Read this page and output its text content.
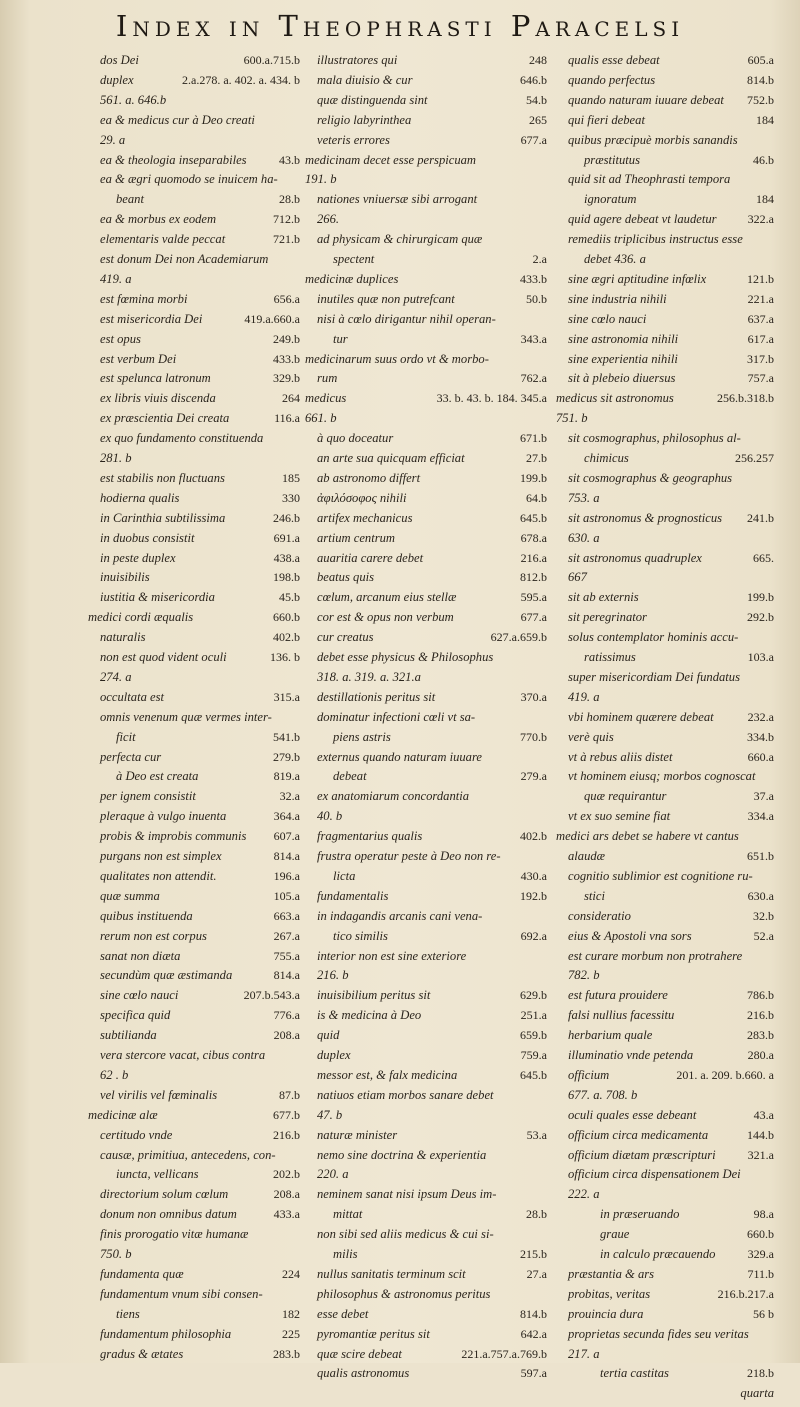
Index in Theophrasti Paracelsi
dos Dei	600.a.715.b
duplex	2.a.278. a. 402. a. 434. b
561. a. 646.b
ea & medicus cur à Deo creati
29. a
ea & theologia inseparabiles	43.b
ea & ægri quomodo se inuicem ha-
beant	28.b
ea & morbus ex eodem	712.b
elementaris valde peccat	721.b
est donum Dei non Academiarum
419. a
est fœmina morbi	656.a
est misericordia Dei	419.a.660.a
est opus	249.b
est verbum Dei	433.b
est spelunca latronum	329.b
ex libris viuis discenda	264
ex præscientia Dei creata	116.a
ex quo fundamento constituenda
281. b
est stabilis non fluctuans	185
hodierna qualis	330
in Carinthia subtilissima	246.b
in duobus consistit	691.a
in peste duplex	438.a
inuisibilis	198.b
iustitia & misericordia	45.b
medici cordi æqualis	660.b
naturalis	402.b
non est quod vident oculi	136. b
274. a
occultata est	315.a
omnis venenum quæ vermes inter-
ficit	541.b
perfecta cur	279.b
à Deo est creata	819.a
per ignem consistit	32.a
pleraque à vulgo inuenta	364.a
probis & improbis communis 607.a
purgans non est simplex	814.a
qualitates non attendit.	196.a
quæ summa	105.a
quibus instituenda	663.a
rerum non est corpus	267.a
sanat non diæta	755.a
secundùm quæ æstimanda	814.a
sine cœlo nauci	207.b.543.a
specifica quid	776.a
subtilianda	208.a
vera stercore vacat, cibus contra
62 . b
vel virilis vel fœminalis	87.b
medicinæ alæ	677.b
certitudo vnde	216.b
causæ, primitiua, antecedens, con-
iuncta, vellicans	202.b
directorium solum cœlum	208.a
donum non omnibus datum	433.a
finis prorogatio vitæ humanæ
750. b
fundamenta quæ	224
fundamentum vnum sibi consen-
tiens	182
fundamentum philosophia	225
gradus & ætates	283.b
illustratores qui	248
mala diuisio & cur	646.b
quæ distinguenda sint	54.b
religio labyrinthea	265
veteris errores	677.a
medicinam decet esse perspicuam
191. b
nationes vniuersæ sibi arrogant
266.
ad physicam & chirurgicam quæ
spectent	2.a
medicinæ duplices	433.b
inutiles quæ non putrefcant	50.b
nisi à cœlo dirigantur nihil operan-
tur	343.a
medicinarum suus ordo vt & morbo-
rum	762.a
medicus	33. b. 43. b. 184. 345.a
661. b
à quo doceatur	671.b
an arte sua quicquam efficiat	27.b
ab astronomo differt	199.b
ἀφιλόσοφος nihili	64.b
artifex mechanicus	645.b
artium centrum	678.a
auaritia carere debet	216.a
beatus quis	812.b
cœlum, arcanum eius stellæ	595.a
cor est & opus non verbum	677.a
cur creatus	627.a.659.b
debet esse physicus & Philosophus
318. a. 319. a. 321.a
destillationis peritus sit	370.a
dominatur infectioni cœli vt sa-
piens astris	770.b
externus quando naturam iuuare
debeat	279.a
ex anatomiarum concordantia
40. b
fragmentarius qualis	402.b
frustra operatur peste à Deo non re-
licta	430.a
fundamentalis	192.b
in indagandis arcanis cani vena-
tico similis	692.a
interior non est sine exteriore
216. b
inuisibilium peritus sit	629.b
is & medicina à Deo	251.a
quid	659.b
duplex	759.a
messor est, & falx medicina	645.b
natiuos etiam morbos sanare debet
47. b
naturæ minister	53.a
nemo sine doctrina & experientia
220. a
neminem sanat nisi ipsum Deus im-
mittat	28.b
non sibi sed aliis medicus & cui si-
milis	215.b
nullus sanitatis terminum scit	27.a
philosophus & astronomus peritus
esse debet	814.b
pyromantiæ peritus sit	642.a
quæ scire debeat	221.a.757.a.769.b
qualis astronomus	597.a
qualis esse debeat	605.a
quando perfectus	814.b
quando naturam iuuare debeat 752.b
qui fieri debeat	184
quibus præcipuè morbis sanandis
præstitutus	46.b
quid sit ad Theophrasti tempora
ignoratum	184
quid agere debeat vt laudetur	322.a
remediis triplicibus instructus esse
debet 436. a
sine ægri aptitudine infœlix	121.b
sine industria nihili	221.a
sine cœlo nauci	637.a
sine astronomia nihili	617.a
sine experientia nihili	317.b
sit à plebeio diuersus	757.a
medicus sit astronomus	256.b.318.b
751. b
sit cosmographus, philosophus al-
chimicus	256.257
sit cosmographus & geographus
753. a
sit astronomus & prognosticus 241.b
630. a
sit astronomus quadruplex	665.
667
sit ab externis	199.b
sit peregrinator	292.b
solus contemplator hominis accu-
ratissimus	103.a
super misericordiam Dei fundatus
419. a
vbi hominem quærere debeat	232.a
verè quis	334.b
vt à rebus aliis distet	660.a
vt hominem eiusq; morbos cognoscat
quæ requirantur	37.a
vt ex suo semine fiat	334.a
medici ars debet se habere vt cantus
alaudæ	651.b
cognitio sublimior est cognitione ru-
stici	630.a
consideratio	32.b
eius & Apostoli vna sors	52.a
est curare morbum non protrahere
782. b
est futura prouidere	786.b
falsi nullius facessitu	216.b
herbarium quale	283.b
illuminatio vnde petenda	280.a
officium	201. a. 209. b.660. a
677. a. 708. b
oculi quales esse debeant	43.a
officium circa medicamenta	144.b
officium diætam præscripturi	321.a
officium circa dispensationem Dei
222. a
in præseruando	98.a
graue	660.b
in calculo præcauendo	329.a
præstantia & ars	711.b
probitas, veritas	216.b.217.a
prouincia dura	56 b
proprietas secunda fides seu veritas
217. a
tertia castitas	218.b
quarta
